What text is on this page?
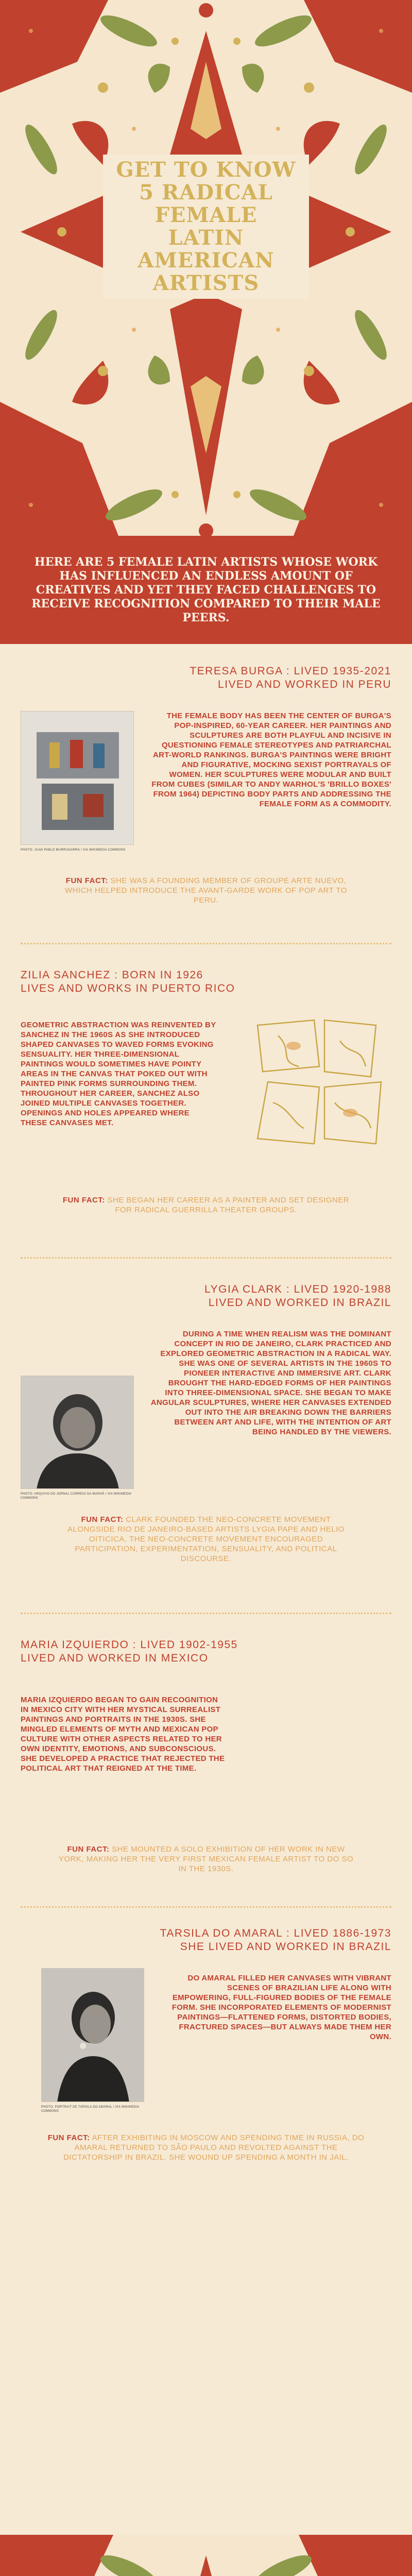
GET TO KNOW 5 RADICAL FEMALE LATIN AMERICAN ARTISTS

HERE ARE 5 FEMALE LATIN ARTISTS WHOSE WORK HAS INFLUENCED AN ENDLESS AMOUNT OF CREATIVES AND YET THEY FACED CHALLENGES TO RECEIVE RECOGNITION COMPARED TO THEIR MALE PEERS.

TERESA BURGA : LIVED 1935-2021
LIVED AND WORKED IN PERU
PHOTO: JUAN PABLO MURRUGARRA / VIA WIKIMEDIA COMMONS
THE FEMALE BODY HAS BEEN THE CENTER OF BURGA'S POP-INSPIRED, 60-YEAR CAREER. HER PAINTINGS AND SCULPTURES ARE BOTH PLAYFUL AND INCISIVE IN QUESTIONING FEMALE STEREOTYPES AND PATRIARCHAL ART-WORLD RANKINGS. BURGA'S PAINTINGS WERE BRIGHT AND FIGURATIVE, MOCKING SEXIST PORTRAYALS OF WOMEN. HER SCULPTURES WERE MODULAR AND BUILT FROM CUBES (SIMILAR TO ANDY WARHOL'S 'BRILLO BOXES' FROM 1964) DEPICTING BODY PARTS AND ADDRESSING THE FEMALE FORM AS A COMMODITY.
FUN FACT: SHE WAS A FOUNDING MEMBER OF GROUPE ARTE NUEVO, WHICH HELPED INTRODUCE THE AVANT-GARDE WORK OF POP ART TO PERU.
ZILIA SANCHEZ : BORN IN 1926
LIVES AND WORKS IN PUERTO RICO
GEOMETRIC ABSTRACTION WAS REINVENTED BY SANCHEZ IN THE 1960S AS SHE INTRODUCED SHAPED CANVASES TO WAVED FORMS EVOKING SENSUALITY. HER THREE-DIMENSIONAL PAINTINGS WOULD SOMETIMES HAVE POINTY AREAS IN THE CANVAS THAT POKED OUT WITH PAINTED PINK FORMS SURROUNDING THEM. THROUGHOUT HER CAREER, SANCHEZ ALSO JOINED MULTIPLE CANVASES TOGETHER. OPENINGS AND HOLES APPEARED WHERE THESE CANVASES MET.
FUN FACT: SHE BEGAN HER CAREER AS A PAINTER AND SET DESIGNER FOR RADICAL GUERRILLA THEATER GROUPS.
LYGIA CLARK : LIVED 1920-1988
LIVED AND WORKED IN BRAZIL
PHOTO: ARQUIVO DO JORNAL CORREIO DA MANHÃ / VIA WIKIMEDIA COMMONS
DURING A TIME WHEN REALISM WAS THE DOMINANT CONCEPT IN RIO DE JANEIRO, CLARK PRACTICED AND EXPLORED GEOMETRIC ABSTRACTION IN A RADICAL WAY. SHE WAS ONE OF SEVERAL ARTISTS IN THE 1960S TO PIONEER INTERACTIVE AND IMMERSIVE ART. CLARK BROUGHT THE HARD-EDGED FORMS OF HER PAINTINGS INTO THREE-DIMENSIONAL SPACE. SHE BEGAN TO MAKE ANGULAR SCULPTURES, WHERE HER CANVASES EXTENDED OUT INTO THE AIR BREAKING DOWN THE BARRIERS BETWEEN ART AND LIFE, WITH THE INTENTION OF ART BEING HANDLED BY THE VIEWERS.
FUN FACT: CLARK FOUNDED THE NEO-CONCRETE MOVEMENT ALONGSIDE RIO DE JANEIRO-BASED ARTISTS LYGIA PAPE AND HELIO OITICICA. THE NEO-CONCRETE MOVEMENT ENCOURAGED PARTICIPATION, EXPERIMENTATION, SENSUALITY, AND POLITICAL DISCOURSE.
MARIA IZQUIERDO : LIVED 1902-1955
LIVED AND WORKED IN MEXICO
MARIA IZQUIERDO BEGAN TO GAIN RECOGNITION IN MEXICO CITY WITH HER MYSTICAL SURREALIST PAINTINGS AND PORTRAITS IN THE 1930S. SHE MINGLED ELEMENTS OF MYTH AND MEXICAN POP CULTURE WITH OTHER ASPECTS RELATED TO HER OWN IDENTITY, EMOTIONS, AND SUBCONSCIOUS. SHE DEVELOPED A PRACTICE THAT REJECTED THE POLITICAL ART THAT REIGNED AT THE TIME.
FUN FACT: SHE MOUNTED A SOLO EXHIBITION OF HER WORK IN NEW YORK, MAKING HER THE VERY FIRST MEXICAN FEMALE ARTIST TO DO SO IN THE 1930S.
TARSILA DO AMARAL : LIVED 1886-1973
SHE LIVED AND WORKED IN BRAZIL
PHOTO: PORTRAIT DE TARSILA DO AMARAL / VIA WIKIMEDIA COMMONS
DO AMARAL FILLED HER CANVASES WITH VIBRANT SCENES OF BRAZILIAN LIFE ALONG WITH EMPOWERING, FULL-FIGURED BODIES OF THE FEMALE FORM. SHE INCORPORATED ELEMENTS OF MODERNIST PAINTINGS—FLATTENED FORMS, DISTORTED BODIES, FRACTURED SPACES—BUT ALWAYS MADE THEM HER OWN.
FUN FACT: AFTER EXHIBITING IN MOSCOW AND SPENDING TIME IN RUSSIA, DO AMARAL RETURNED TO SÃO PAULO AND REVOLTED AGAINST THE DICTATORSHIP IN BRAZIL. SHE WOUND UP SPENDING A MONTH IN JAIL.
